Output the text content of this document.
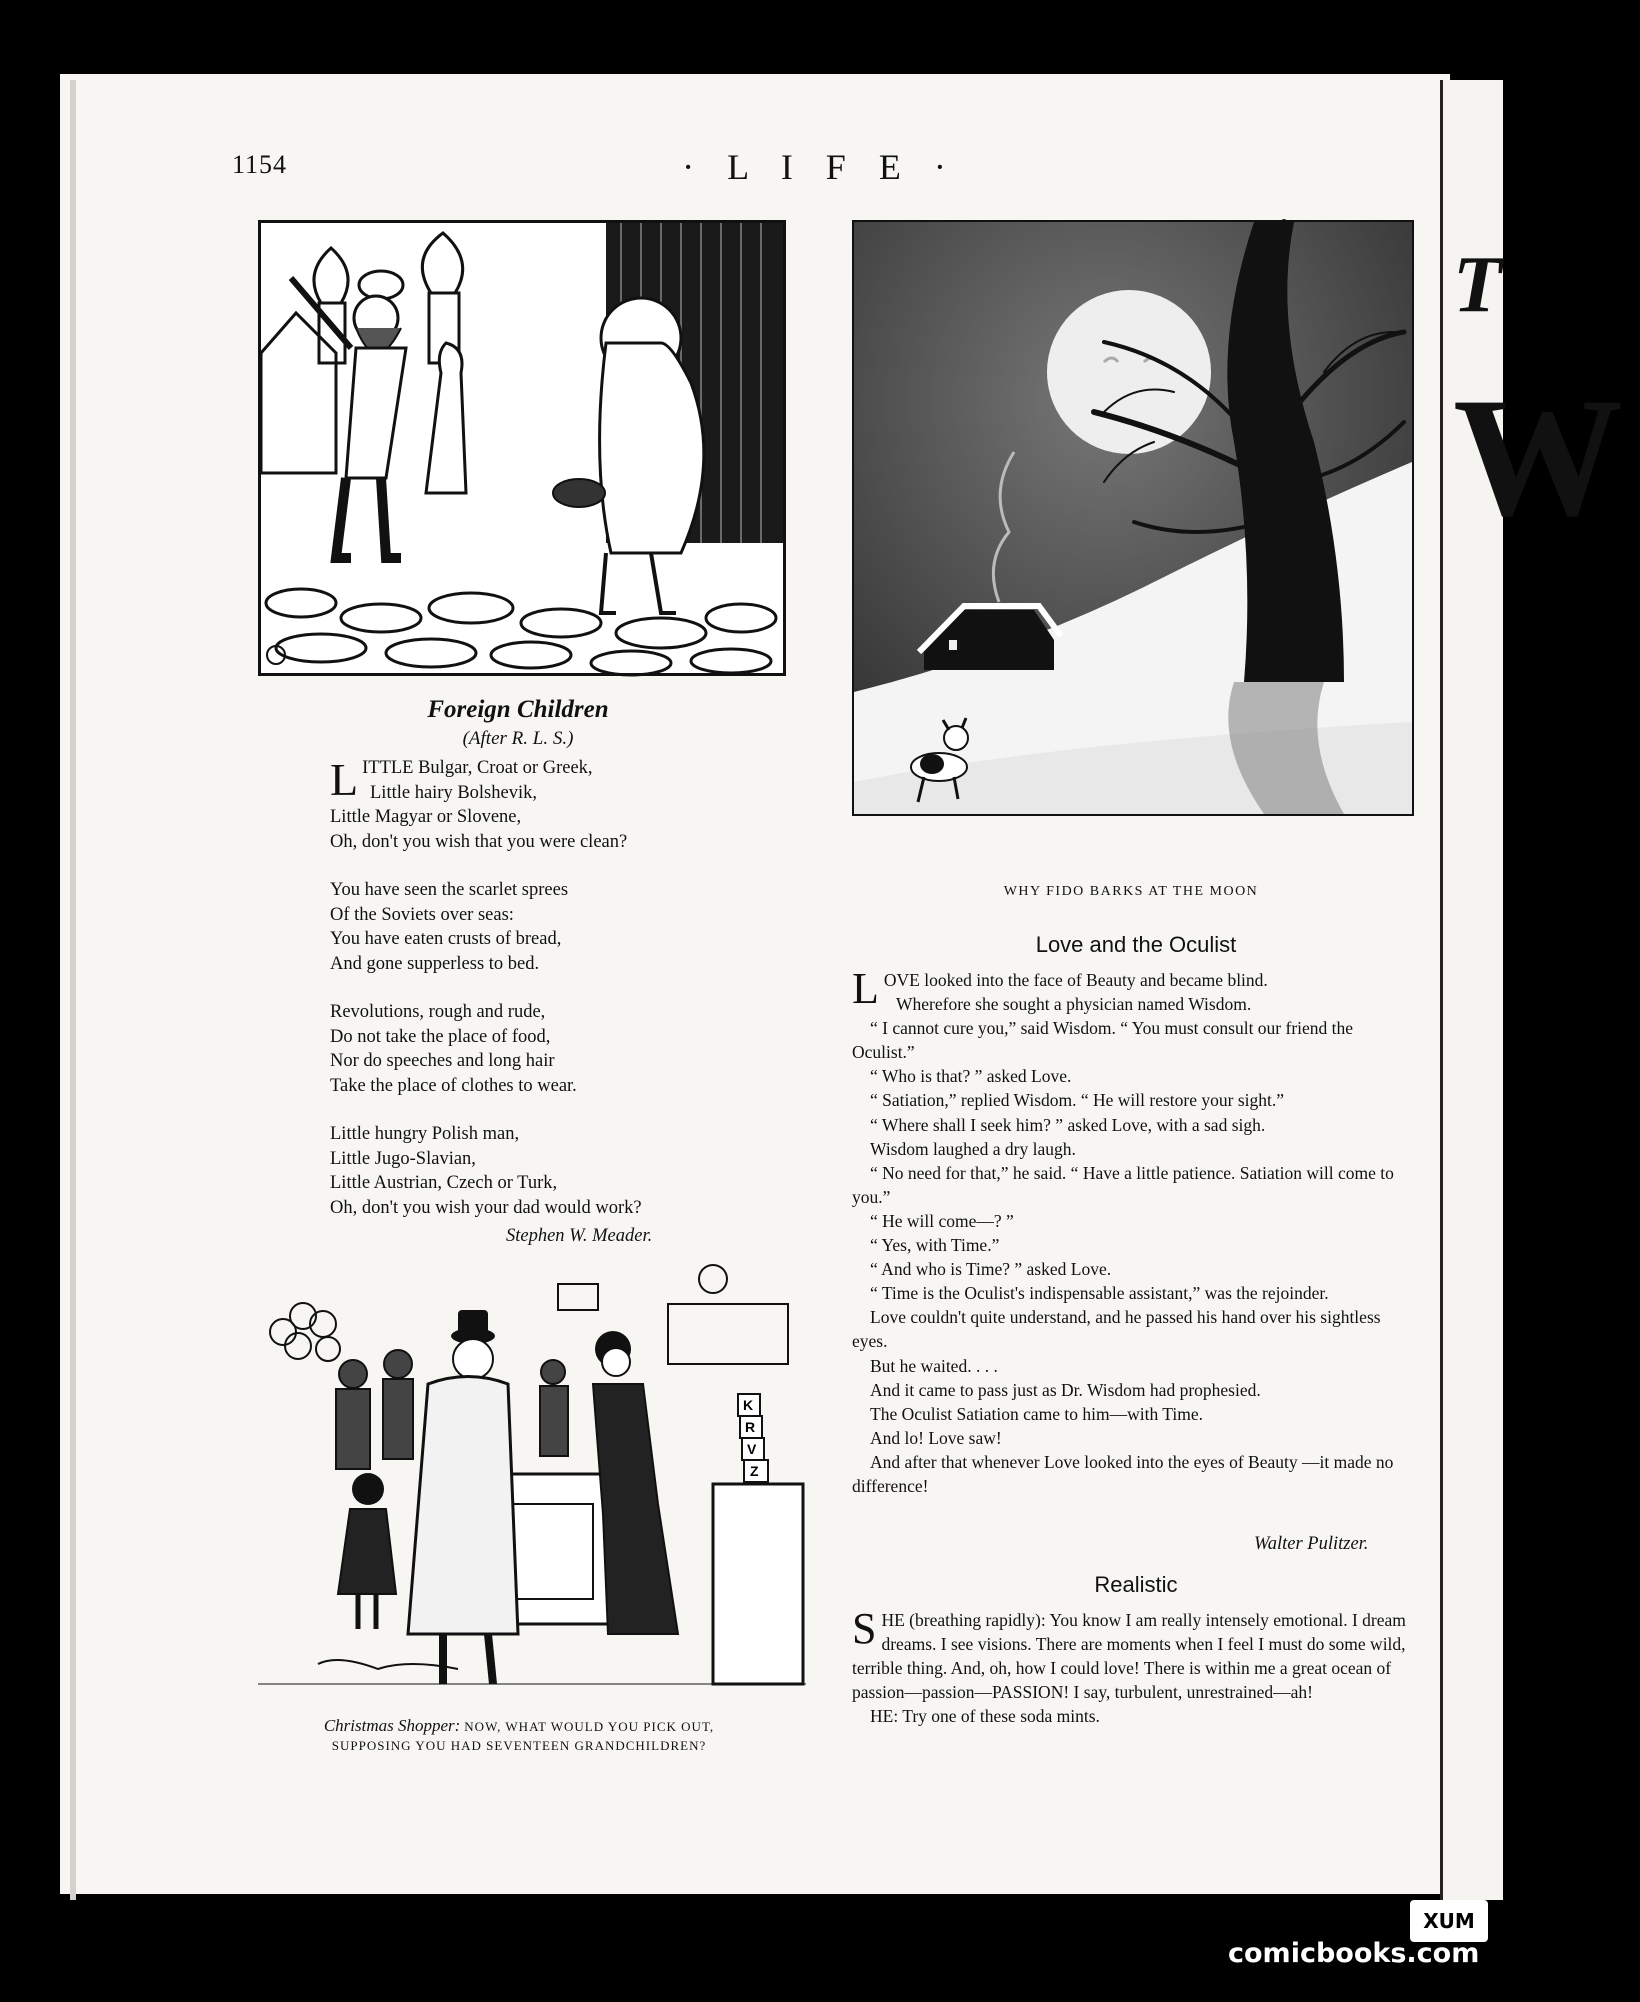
T
W
1154	· L I F E ·
Foreign Children
(After R. L. S.)
LITTLE Bulgar, Croat or Greek,
Little hairy Bolshevik,
Little Magyar or Slovene,
Oh, don't you wish that you were clean?
You have seen the scarlet sprees
Of the Soviets over seas:
You have eaten crusts of bread,
And gone supperless to bed.
Revolutions, rough and rude,
Do not take the place of food,
Nor do speeches and long hair
Take the place of clothes to wear.
Little hungry Polish man,
Little Jugo-Slavian,
Little Austrian, Czech or Turk,
Oh, don't you wish your dad would work?
Stephen W. Meader.
K
R
V
Z
Christmas Shopper: NOW, WHAT WOULD YOU PICK OUT,
SUPPOSING YOU HAD SEVENTEEN GRANDCHILDREN?
WHY FIDO BARKS AT THE MOON
Love and the Oculist
LOVE looked into the face of Beauty and became blind.
Wherefore she sought a physician named Wisdom.
“ I cannot cure you,” said Wisdom. “ You must consult our friend the Oculist.”
“ Who is that? ” asked Love.
“ Satiation,” replied Wisdom. “ He will restore your sight.”
“ Where shall I seek him? ” asked Love, with a sad sigh.
Wisdom laughed a dry laugh.
“ No need for that,” he said. “ Have a little patience. Satiation will come to you.”
“ He will come—? ”
“ Yes, with Time.”
“ And who is Time? ” asked Love.
“ Time is the Oculist's indispensable assistant,” was the rejoinder.
Love couldn't quite understand, and he passed his hand over his sightless eyes.
But he waited. . . .
And it came to pass just as Dr. Wisdom had prophesied.
The Oculist Satiation came to him—with Time.
And lo! Love saw!
And after that whenever Love looked into the eyes of Beauty —it made no difference!
Walter Pulitzer.
Realistic
SHE (breathing rapidly): You know I am really intensely emotional. I dream dreams. I see visions. There are moments when I feel I must do some wild, terrible thing. And, oh, how I could love! There is within me a great ocean of passion—passion—PASSION! I say, turbulent, unrestrained—ah!
HE: Try one of these soda mints.
XUM
comicbooks.com
